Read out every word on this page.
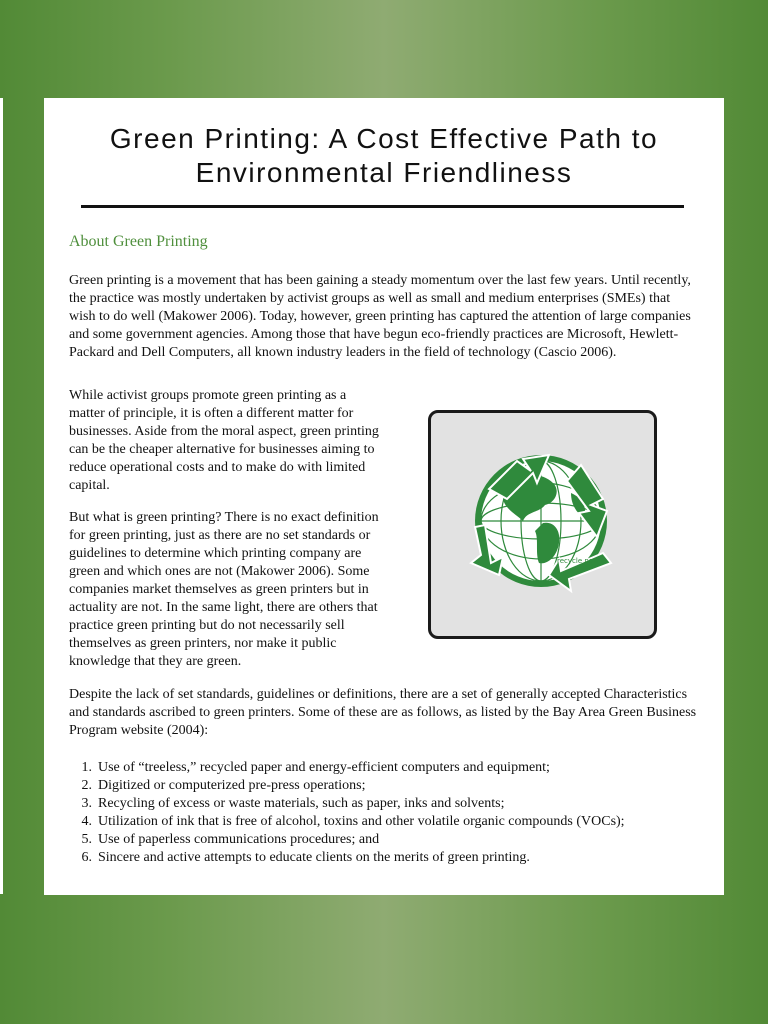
Green Printing: A Cost Effective Path to
Environmental Friendliness
About Green Printing

Green printing is a movement that has been gaining a steady momentum over the last few years. Until recently, the practice was mostly undertaken by activist groups as well as small and medium enterprises (SMEs) that wish to do well (Makower 2006). Today, however, green printing has captured the attention of large companies and some government agencies. Among those that have begun eco-friendly practices are Microsoft, Hewlett-Packard and Dell Computers, all known industry leaders in the field of technology (Cascio 2006).

While activist groups promote green printing as a matter of principle, it is often a different matter for businesses. Aside from the moral aspect, green printing can be the cheaper alternative for businesses aiming to reduce operational costs and to make do with limited capital.

But what is green printing? There is no exact definition for green printing, just as there are no set standards or guidelines to determine which printing company are green and which ones are not (Makower 2006). Some companies market themselves as green printers but in actuality are not. In the same light, there are others that practice green printing but do not necessarily sell themselves as green printers, nor make it public knowledge that they are green.

recycle now

Despite the lack of set standards, guidelines or definitions, there are a set of generally accepted Characteristics and standards ascribed to green printers. Some of these are as follows, as listed by the Bay Area Green Business Program website (2004):

1. Use of “treeless,” recycled paper and energy-efficient computers and equipment;
2. Digitized or computerized pre-press operations;
3. Recycling of excess or waste materials, such as paper, inks and solvents;
4. Utilization of ink that is free of alcohol, toxins and other volatile organic compounds (VOCs);
5. Use of paperless communications procedures; and
6. Sincere and active attempts to educate clients on the merits of green printing.
